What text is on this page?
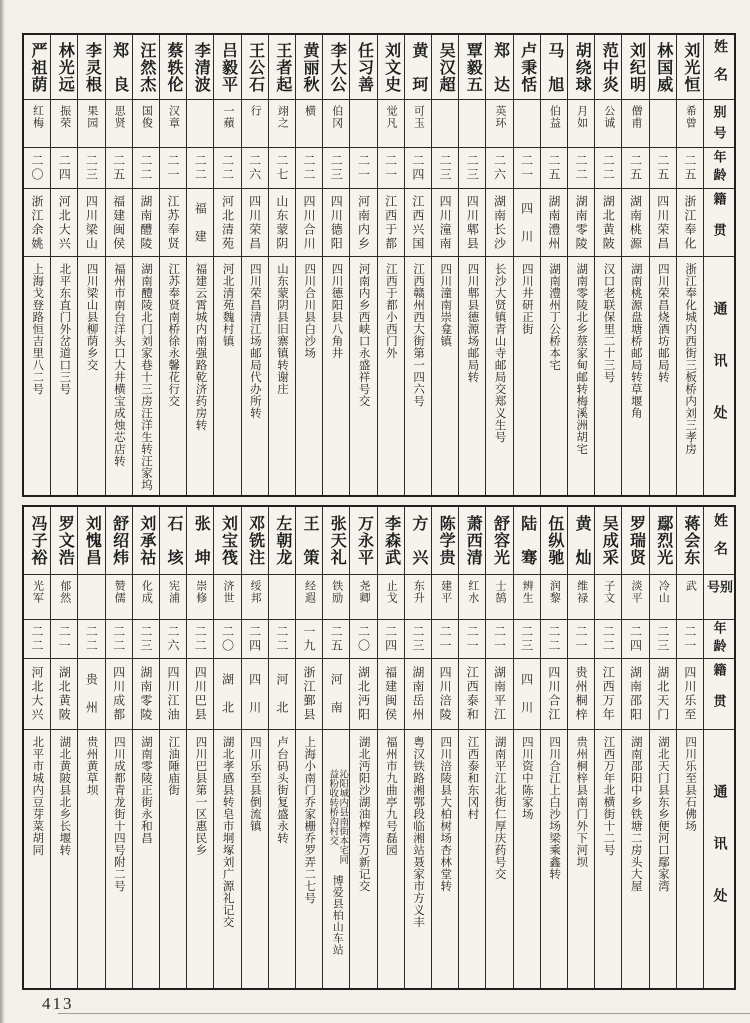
姓名
别号
年龄
籍贯
通讯处
刘光恒
希曾
二五
浙江奉化
浙江奉化城内西街三板桥内刘三孝房
林国威
二五
四川荣昌
四川荣昌烧酒坊邮局转
刘纪明
僧甫
二五
湖南桃源
湖南桃源盘塘桥邮局转草堰角
范中炎
公诚
二二
湖北黄陂
汉口老联保里二十三号
胡绕球
月如
二二
湖南零陵
湖南零陵北乡蔡家甸邮转梅溪洲胡宅
马　旭
伯益
二五
湖南澧州
湖南澧州丁公桥本宅
卢秉恬
二一
四　川
四川井研正街
郑　达
英环
二六
湖南长沙
长沙大贤镇青山寺邮局交郑义生号
覃毅五
二三
四川郫县
四川郫县德源场邮局转
吴汉超
二三
四川潼南
四川潼南崇龛镇
黄　珂
可玉
二四
江西兴国
江西赣州西大街第一四六号
刘文史
觉凡
二一
江西于都
江西于都小西门外
任习善
二一
河南内乡
河南内乡西峡口永盛祥号交
李大公
伯冈
二三
四川德阳
四川德阳县八角井
黄丽秋
横
二二
四川合川
四川合川县白沙场
王者起
翊之
二七
山东蒙阴
山东蒙阴县旧寨镇转谢庄
王公石
行
二六
四川荣昌
四川荣昌清江场邮局代办所转
吕毅平
一蘋
二二
河北清苑
河北清苑魏村镇
李清波
二二
福　建
福建云霄城内南强路乾济药房转
蔡轶伦
汉章
二一
江苏奉贤
江苏奉贤南桥徐永馨花行交
汪然杰
国俊
二二
湖南醴陵
湖南醴陵北门刘家巷十三房汪洋生转汪家坞
郑　良
思贤
二五
福建闽侯
福州市南台洋头口大井横宝成烛芯店转
李灵根
果园
二三
四川梁山
四川梁山县柳荫乡交
林光远
振荣
二四
河北大兴
北平东直门外岔道口三号
严祖荫
红梅
二〇
浙江余姚
上海戈登路恒吉里八二号
姓名
别号
年龄
籍贯
通讯处
蒋会东
武
二一
四川乐至
四川乐至县石佛场
鄢烈光
冷山
二三
湖北天门
湖北天门县东乡便河口鄢家湾
罗瑞贤
淡平
二四
湖南邵阳
湖南邵阳中乡铁塘二房头大屋
吴成采
子文
二二
江西万年
江西万年北横街十二号
黄　灿
维禄
二一
贵州桐梓
贵州桐梓县南门外下河坝
伍纵驰
润黎
二二
四川合江
四川合江上白沙场梁乘鑫转
陆　骞
辨生
二三
四　川
四川资中陈家场
舒容光
士鹄
二一
湖南平江
湖南平江北街仁厚庆药号交
萧西清
红水
二一
江西泰和
江西泰和东冈村
陈学贵
建平
二一
四川涪陵
四川涪陵县大柏树场杏林堂转
方　兴
东升
二三
湖南岳州
粤汉铁路湘鄂段临湘站聂家市方义丰
李森武
止戈
二四
福建闽侯
福州市九曲亭九号磊园
万永平
尧卿
二〇
湖北沔阳
湖北沔阳沙湖油榨湾万新记交
张天礼
铁励
二五
河　南
沁阳城内县南街本宅同益粉收转桥沟村交
博爱县柏山车站
王　策
经遐
一九
浙江鄞县
上海小南门乔家栅乔罗弄二七号
左朝龙
二二
河　北
卢台码头街复盛永转
邓铣注
绥邦
二四
四　川
四川乐至县倒流镇
刘宝筏
济世
二〇
湖　北
湖北孝感县转皂市垌塚刘广源礼记交
张　坤
崇修
二二
四川巴县
四川巴县第一区惠民乡
石　垓
宪浦
二六
四川江油
江油陲庙街
刘承祜
化成
二三
湖南零陵
湖南零陵正街永和昌
舒绍炜
赞儒
二二
四川成都
四川成都青龙街十四号附二号
刘愧昌
二二
贵　州
贵州黄草坝
罗文浩
郁然
二一
湖北黄陂
湖北黄陂县北乡长堰转
冯子裕
光军
二二
河北大兴
北平市城内豆芽菜胡同
413
